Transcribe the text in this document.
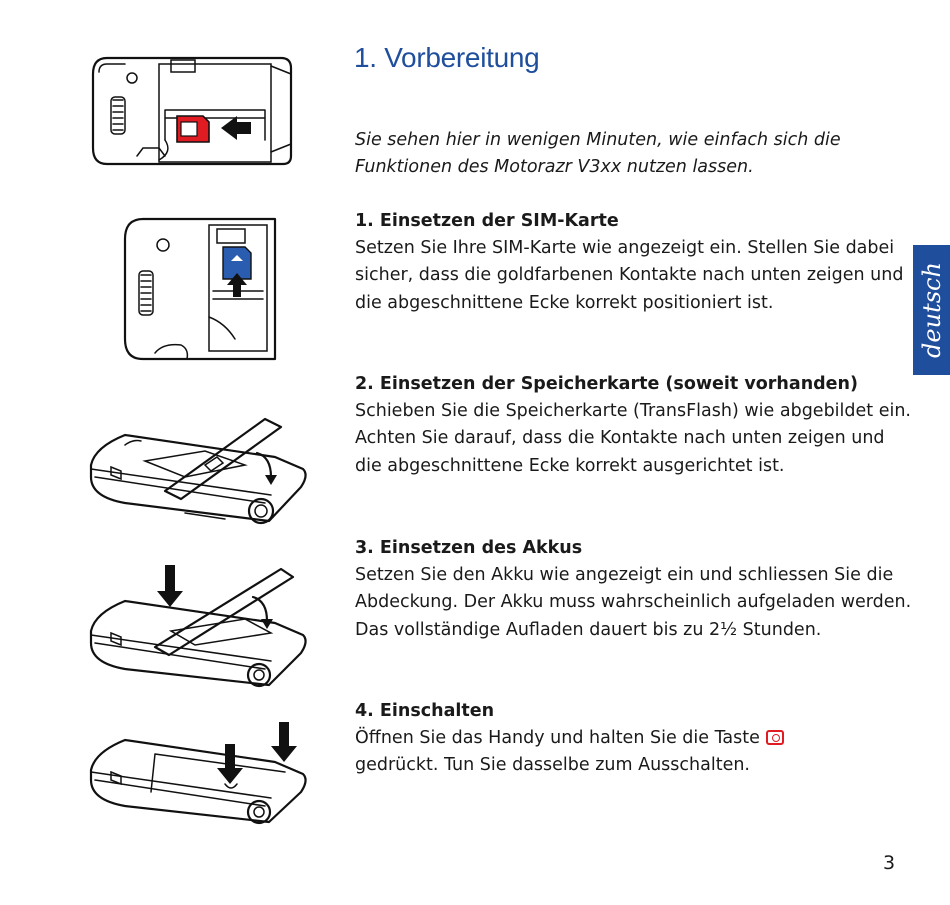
1. Vorbereitung

Sie sehen hier in wenigen Minuten, wie einfach sich die Funktionen des Motorazr V3xx nutzen lassen.

1. Einsetzen der SIM-Karte

Setzen Sie Ihre SIM-Karte wie angezeigt ein. Stellen Sie dabei sicher, dass die goldfarbenen Kontakte nach unten zeigen und die abgeschnittene Ecke korrekt positioniert ist.

2. Einsetzen der Speicherkarte (soweit vorhanden)

Schieben Sie die Speicherkarte (TransFlash) wie abgebildet ein. Achten Sie darauf, dass die Kontakte nach unten zeigen und die abgeschnittene Ecke korrekt ausgerichtet ist.

3. Einsetzen des Akkus

Setzen Sie den Akku wie angezeigt ein und schliessen Sie die Abdeckung. Der Akku muss wahrscheinlich aufgeladen werden. Das vollständige Aufladen dauert bis zu 2½ Stunden.

4. Einschalten

Öffnen Sie das Handy und halten Sie die Taste
gedrückt. Tun Sie dasselbe zum Ausschalten.

deutsch
3
